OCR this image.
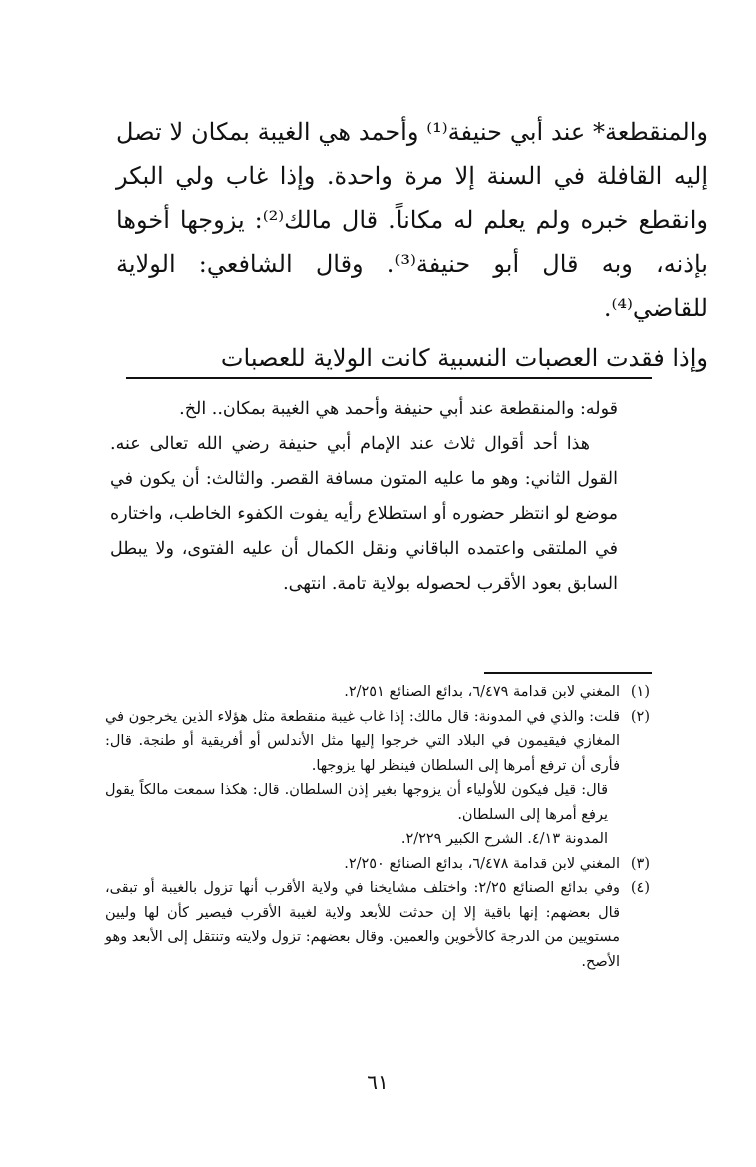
والمنقطعة* عند أبي حنيفة⁽¹⁾ وأحمد هي الغيبة بمكان لا تصل إليه القافلة في السنة إلا مرة واحدة. وإذا غاب ولي البكر وانقطع خبره ولم يعلم له مكاناً. قال مالك⁽²⁾: يزوجها أخوها بإذنه، وبه قال أبو حنيفة⁽³⁾. وقال الشافعي: الولاية للقاضي⁽⁴⁾.

وإذا فقدت العصبات النسبية كانت الولاية للعصبات

قوله: والمنقطعة عند أبي حنيفة وأحمد هي الغيبة بمكان.. الخ.

هذا أحد أقوال ثلاث عند الإمام أبي حنيفة رضي الله تعالى عنه. القول الثاني: وهو ما عليه المتون مسافة القصر. والثالث: أن يكون في موضع لو انتظر حضوره أو استطلاع رأيه يفوت الكفوء الخاطب، واختاره في الملتقى واعتمده الباقاني ونقل الكمال أن عليه الفتوى، ولا يبطل السابق بعود الأقرب لحصوله بولاية تامة. انتهى.

(١)
المغني لابن قدامة ٦/٤٧٩، بدائع الصنائع ٢/٢٥١.
(٢)
قلت: والذي في المدونة: قال مالك: إذا غاب غيبة منقطعة مثل هؤلاء الذين يخرجون في المغازي فيقيمون في البلاد التي خرجوا إليها مثل الأندلس أو أفريقية أو طنجة. قال: فأرى أن ترفع أمرها إلى السلطان فينظر لها يزوجها.
قال: قيل فيكون للأولياء أن يزوجها بغير إذن السلطان. قال: هكذا سمعت مالكاً يقول يرفع أمرها إلى السلطان.
المدونة ٤/١٣. الشرح الكبير ٢/٢٢٩.
(٣)
المغني لابن قدامة ٦/٤٧٨، بدائع الصنائع ٢/٢٥٠.
(٤)
وفي بدائع الصنائع ٢/٢٥: واختلف مشايخنا في ولاية الأقرب أنها تزول بالغيبة أو تبقى، قال بعضهم: إنها باقية إلا إن حدثت للأبعد ولاية لغيبة الأقرب فيصير كأن لها وليين مستويين من الدرجة كالأخوين والعمين. وقال بعضهم: تزول ولايته وتنتقل إلى الأبعد وهو الأصح.
٦١
